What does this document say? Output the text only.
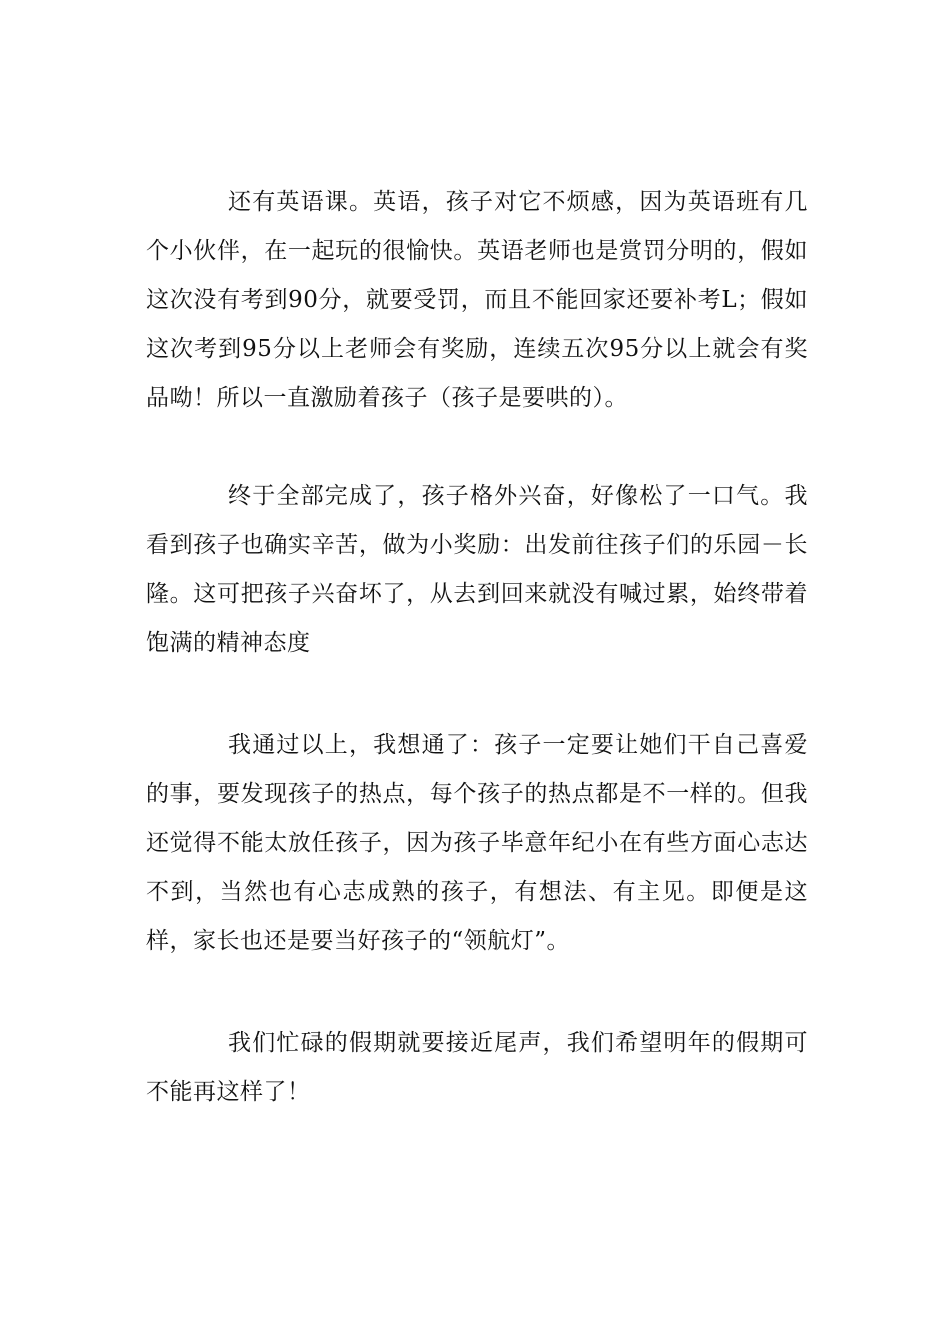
还有英语课。英语，孩子对它不烦感，因为英语班有几个小伙伴，在一起玩的很愉快。英语老师也是赏罚分明的，假如这次没有考到90分，就要受罚，而且不能回家还要补考L；假如这次考到95分以上老师会有奖励，连续五次95分以上就会有奖品呦！所以一直激励着孩子（孩子是要哄的）。

终于全部完成了，孩子格外兴奋，好像松了一口气。我看到孩子也确实辛苦，做为小奖励：出发前往孩子们的乐园－长隆。这可把孩子兴奋坏了，从去到回来就没有喊过累，始终带着饱满的精神态度

我通过以上，我想通了：孩子一定要让她们干自己喜爱的事，要发现孩子的热点，每个孩子的热点都是不一样的。但我还觉得不能太放任孩子，因为孩子毕意年纪小在有些方面心志达不到，当然也有心志成熟的孩子，有想法、有主见。即便是这样，家长也还是要当好孩子的“领航灯”。

我们忙碌的假期就要接近尾声，我们希望明年的假期可不能再这样了！
